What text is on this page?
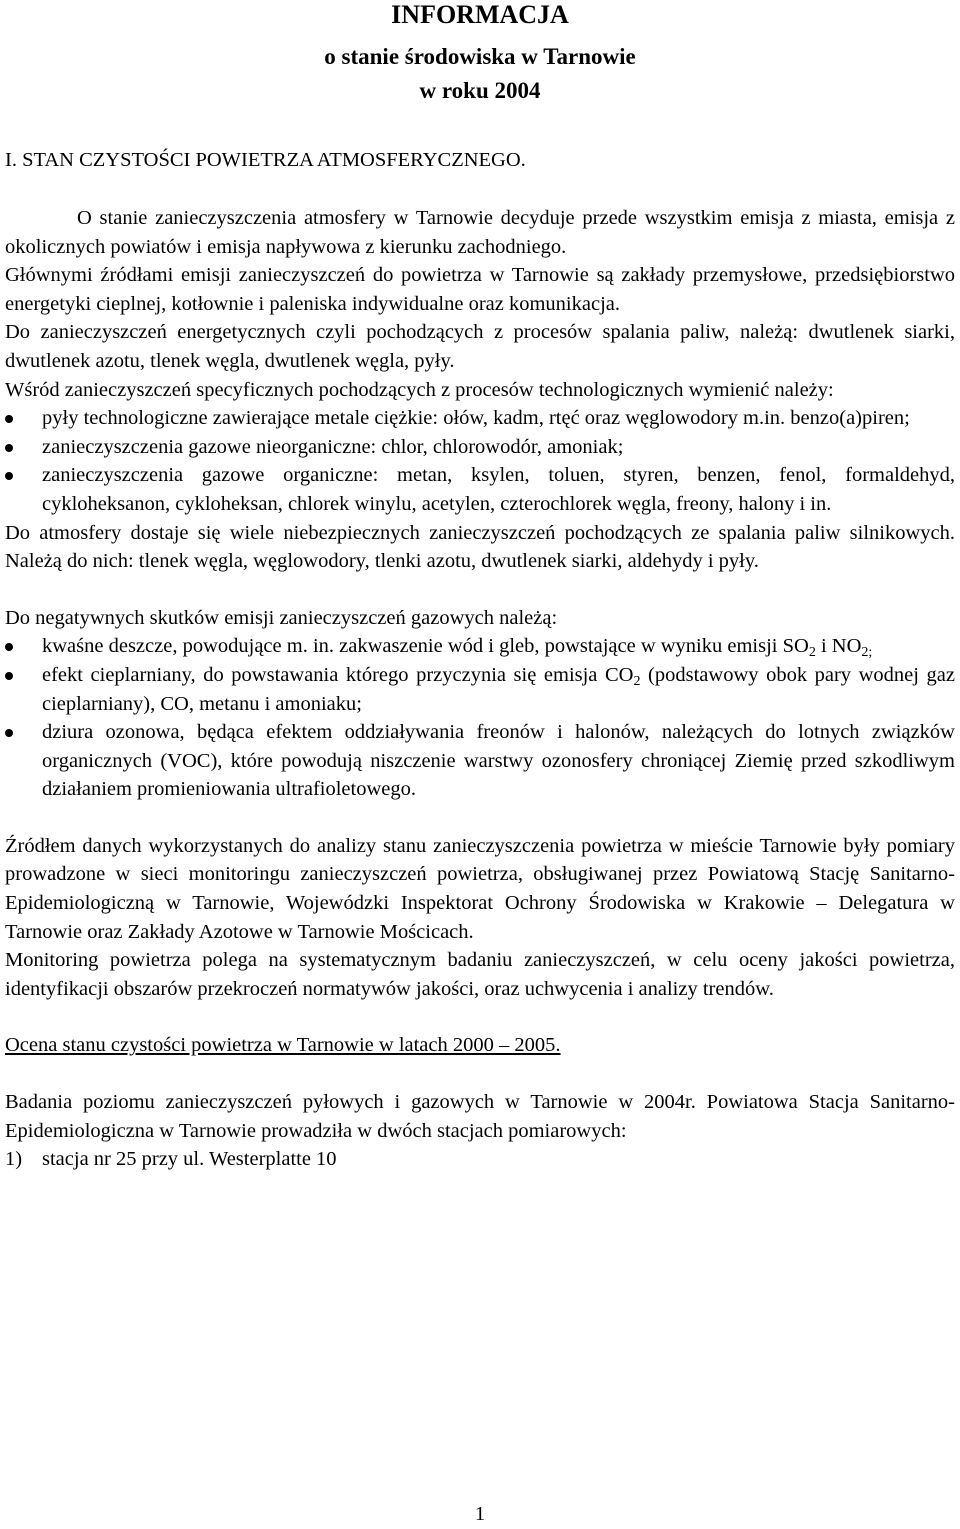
INFORMACJA
o stanie środowiska w Tarnowie
w roku 2004
I. STAN CZYSTOŚCI POWIETRZA ATMOSFERYCZNEGO.

O stanie zanieczyszczenia atmosfery w Tarnowie decyduje przede wszystkim emisja z miasta, emisja z okolicznych powiatów i emisja napływowa z kierunku zachodniego.

Głównymi źródłami emisji zanieczyszczeń do powietrza w Tarnowie są zakłady przemysłowe, przedsiębiorstwo energetyki cieplnej, kotłownie i paleniska indywidualne oraz komunikacja.

Do zanieczyszczeń energetycznych czyli pochodzących z procesów spalania paliw, należą: dwutlenek siarki, dwutlenek azotu, tlenek węgla, dwutlenek węgla, pyły.

Wśród zanieczyszczeń specyficznych pochodzących z procesów technologicznych wymienić należy:

pyły technologiczne zawierające metale ciężkie: ołów, kadm, rtęć oraz węglowodory m.in. benzo(a)piren;
zanieczyszczenia gazowe nieorganiczne: chlor, chlorowodór, amoniak;
zanieczyszczenia gazowe organiczne: metan, ksylen, toluen, styren, benzen, fenol, formaldehyd, cykloheksanon, cykloheksan, chlorek winylu, acetylen, czterochlorek węgla, freony, halony i in.

Do atmosfery dostaje się wiele niebezpiecznych zanieczyszczeń pochodzących ze spalania paliw silnikowych. Należą do nich: tlenek węgla, węglowodory, tlenki azotu, dwutlenek siarki, aldehydy i pyły.

Do negatywnych skutków emisji zanieczyszczeń gazowych należą:

kwaśne deszcze, powodujące m. in. zakwaszenie wód i gleb, powstające w wyniku emisji $SO_2$ i $NO_{2;}$
efekt cieplarniany, do powstawania którego przyczynia się emisja $CO_2$ (podstawowy obok pary wodnej gaz cieplarniany), CO, metanu i amoniaku;
dziura ozonowa, będąca efektem oddziaływania freonów i halonów, należących do lotnych związków organicznych (VOC), które powodują niszczenie warstwy ozonosfery chroniącej Ziemię przed szkodliwym działaniem promieniowania ultrafioletowego.

Źródłem danych wykorzystanych do analizy stanu zanieczyszczenia powietrza w mieście Tarnowie były pomiary prowadzone w sieci monitoringu zanieczyszczeń powietrza, obsługiwanej przez Powiatową Stację Sanitarno-Epidemiologiczną w Tarnowie, Wojewódzki Inspektorat Ochrony Środowiska w Krakowie – Delegatura w Tarnowie oraz Zakłady Azotowe w Tarnowie Mościcach.

Monitoring powietrza polega na systematycznym badaniu zanieczyszczeń, w celu oceny jakości powietrza, identyfikacji obszarów przekroczeń normatywów jakości, oraz uchwycenia i analizy trendów.

Ocena stanu czystości powietrza w Tarnowie w latach 2000 – 2005.

Badania poziomu zanieczyszczeń pyłowych i gazowych w Tarnowie w 2004r. Powiatowa Stacja Sanitarno-Epidemiologiczna w Tarnowie prowadziła w dwóch stacjach pomiarowych:

1) stacja nr 25 przy ul. Westerplatte 10
1
